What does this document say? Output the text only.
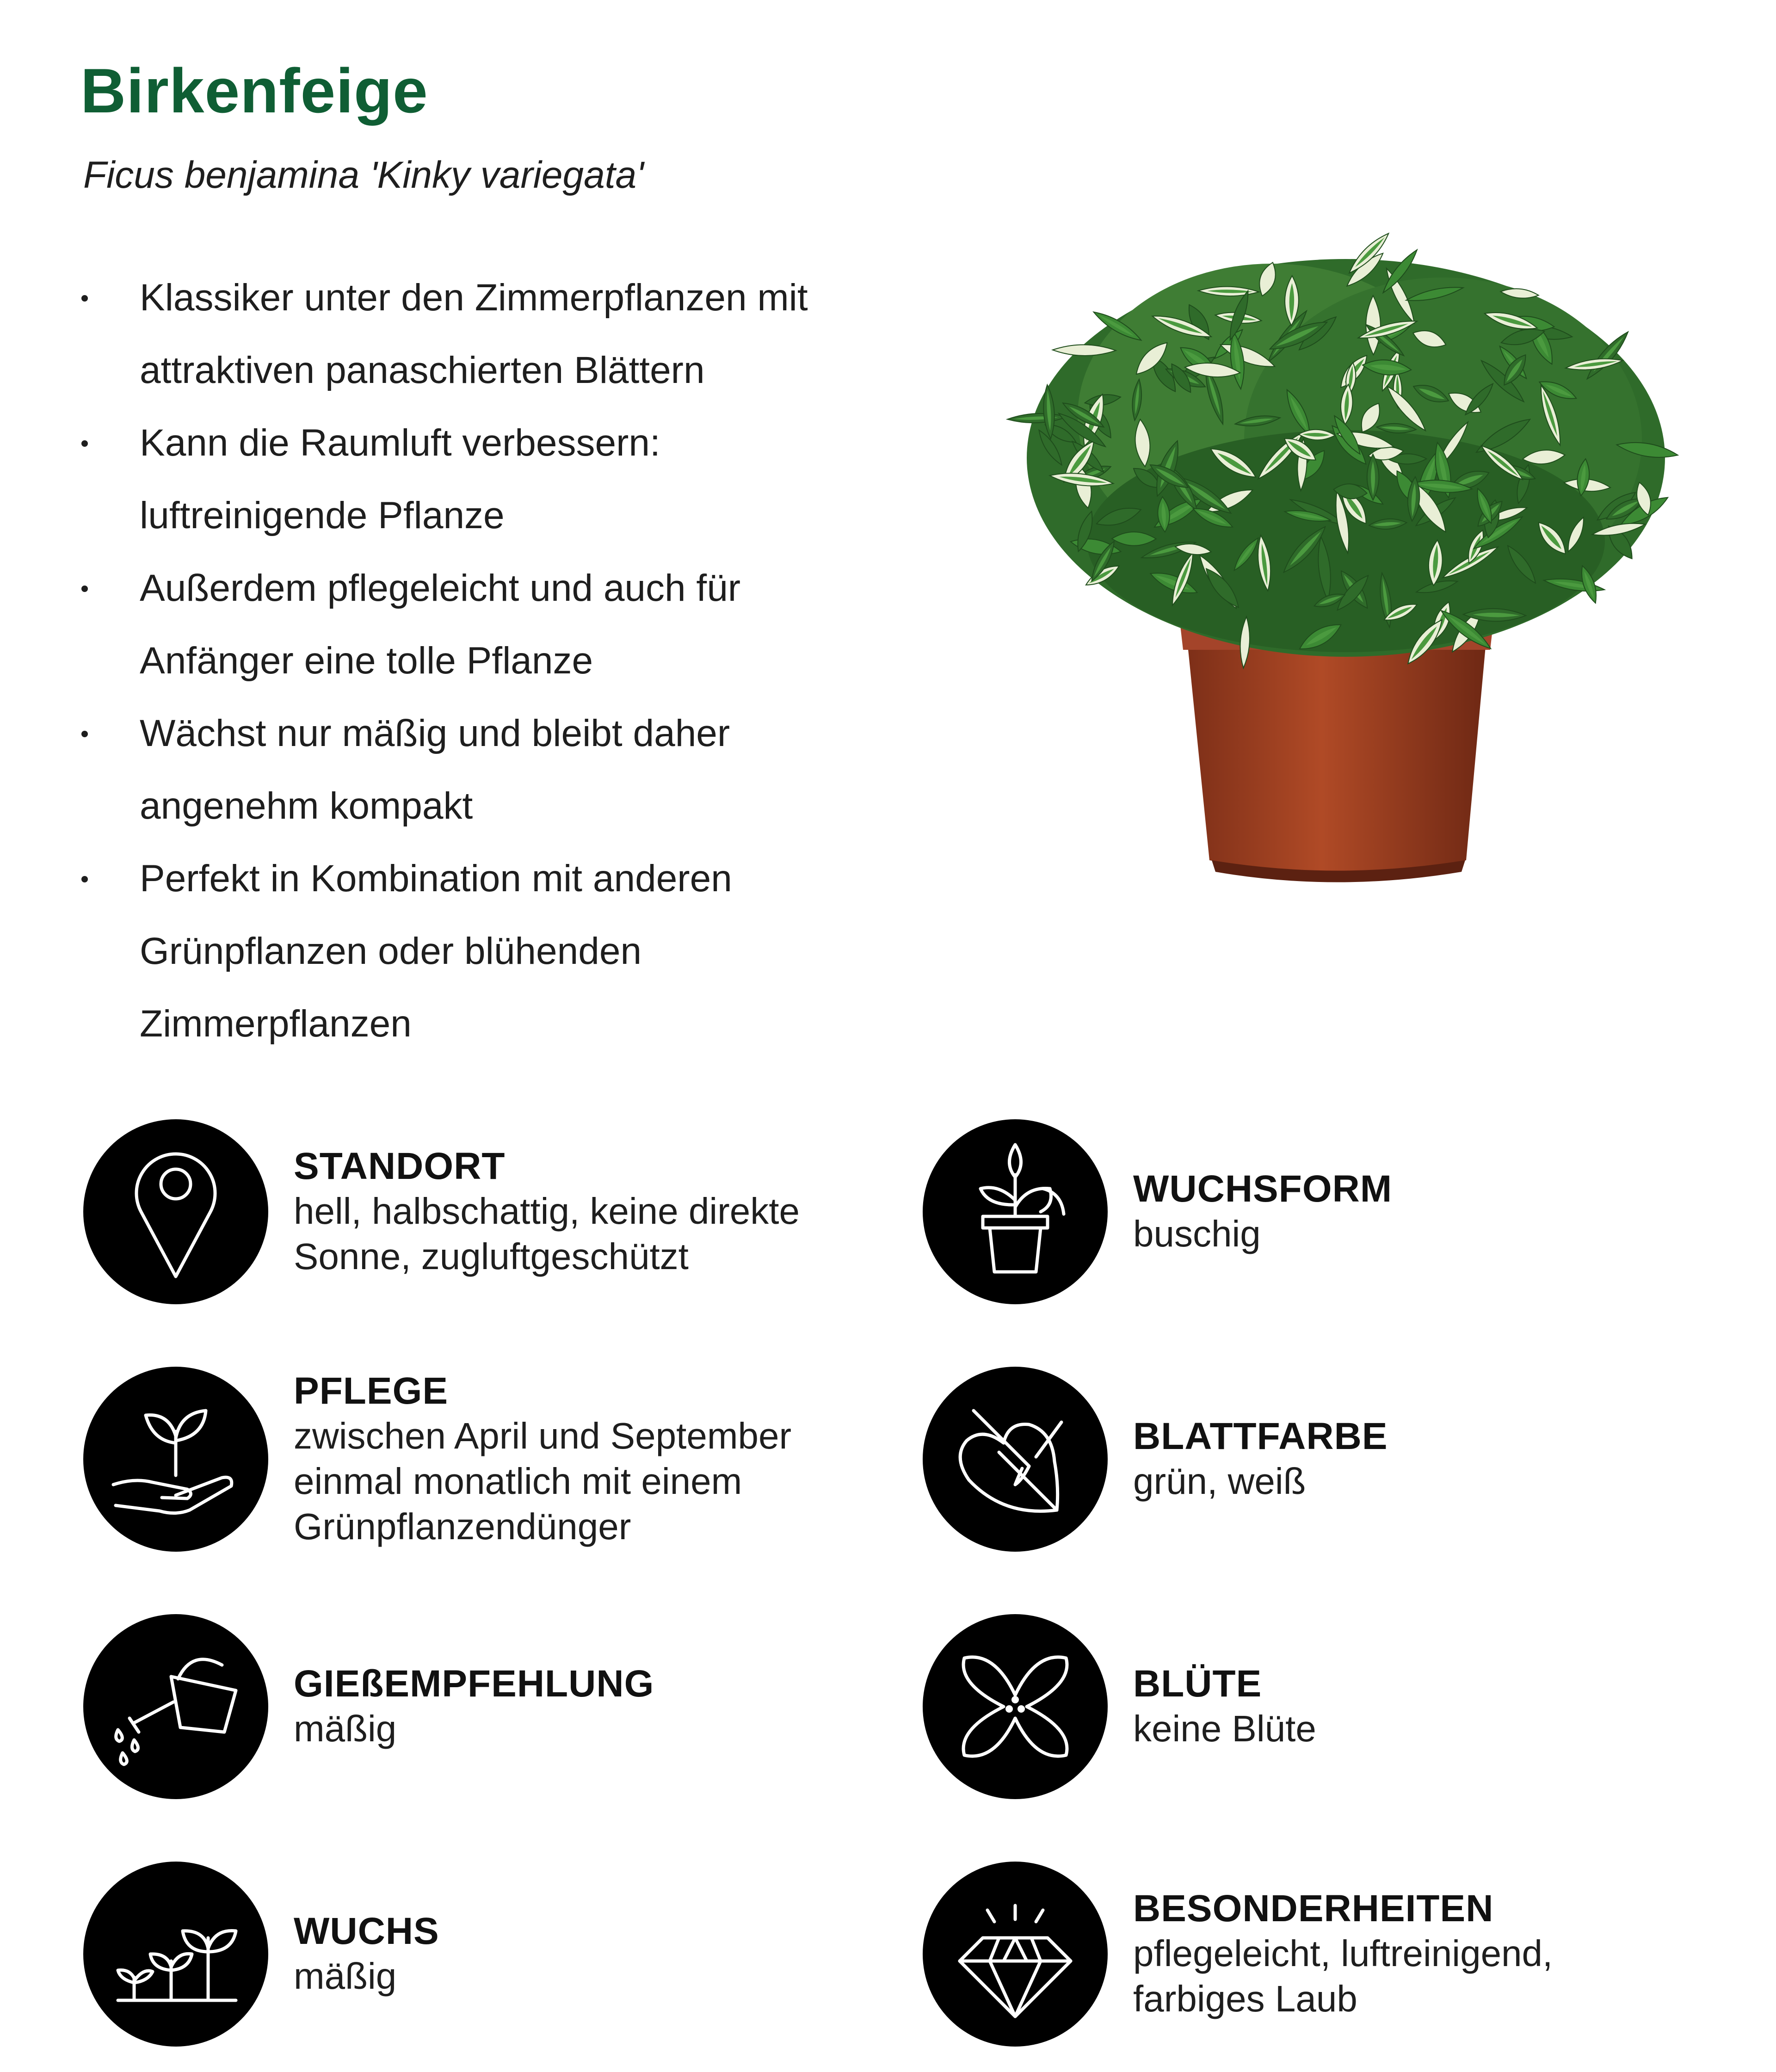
Birkenfeige
Ficus benjamina 'Kinky variegata'
Klassiker unter den Zimmerpflanzen mit
attraktiven panaschierten Blättern
Kann die Raumluft verbessern:
luftreinigende Pflanze
Außerdem pflegeleicht und auch für
Anfänger eine tolle Pflanze
Wächst nur mäßig und bleibt daher
angenehm kompakt
Perfekt in Kombination mit anderen
Grünpflanzen oder blühenden
Zimmerpflanzen
STANDORT
hell, halbschattig, keine direkte
Sonne, zugluftgeschützt
PFLEGE
zwischen April und September
einmal monatlich mit einem
Grünpflanzendünger
GIEßEMPFEHLUNG
mäßig
WUCHS
mäßig
WUCHSFORM
buschig
BLATTFARBE
grün, weiß
BLÜTE
keine Blüte
BESONDERHEITEN
pflegeleicht, luftreinigend,
farbiges Laub
